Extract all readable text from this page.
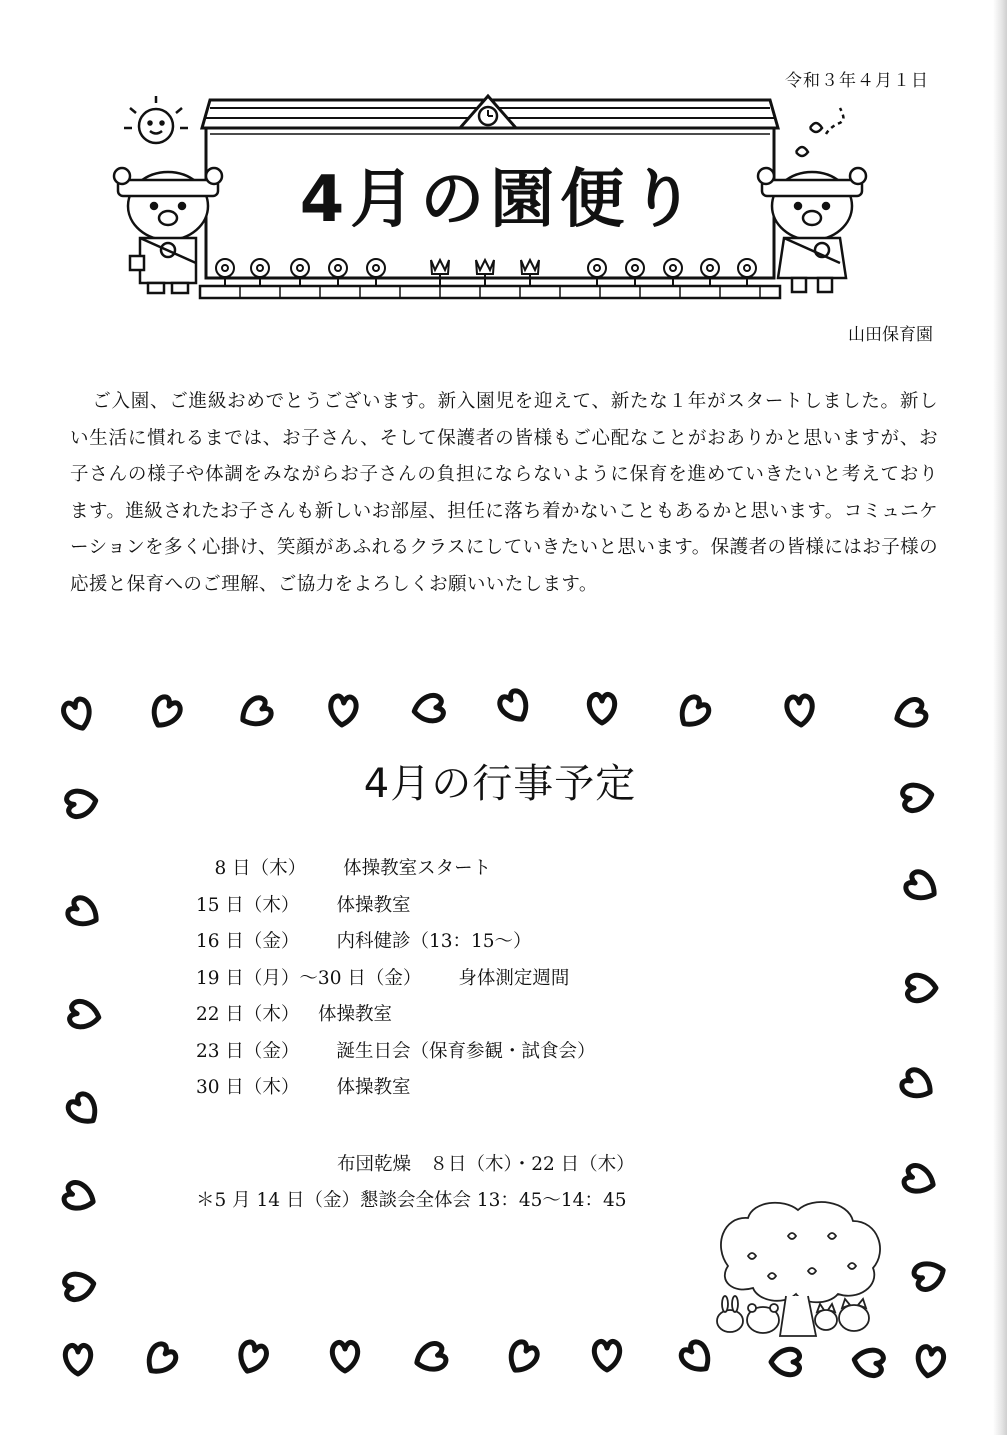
令和３年４月１日
4月の園便り
山田保育園
ご入園、ご進級おめでとうございます。新入園児を迎えて、新たな１年がスタートしました。新しい生活に慣れるまでは、お子さん、そして保護者の皆様もご心配なことがおありかと思いますが、お子さんの様子や体調をみながらお子さんの負担にならないように保育を進めていきたいと考えております。進級されたお子さんも新しいお部屋、担任に落ち着かないこともあるかと思います。コミュニケーションを多く心掛け、笑顔があふれるクラスにしていきたいと思います。保護者の皆様にはお子様の応援と保育へのご理解、ご協力をよろしくお願いいたします。
4月の行事予定
　8 日（木）
　　 体操教室スタート
15 日（木）
　　 体操教室
16 日（金）
　　 内科健診（13：15～）
19 日（月）～30 日（金）
　　 身体測定週間
22 日（木）
　 体操教室
23 日（金）
　　 誕生日会（保育参観・試食会）
30 日（木）
　　 体操教室
布団乾燥　８日（木）・22 日（木）
＊5 月 14 日（金）懇談会全体会 13：45～14：45
